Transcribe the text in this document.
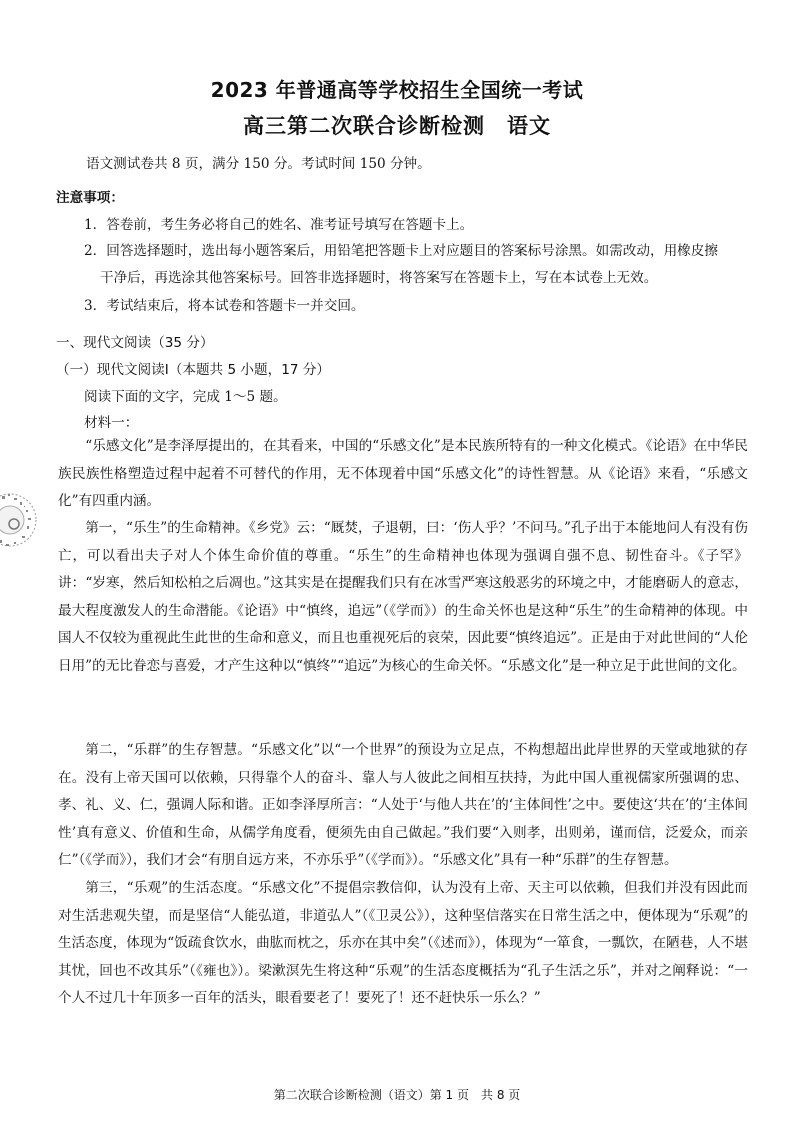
2023 年普通高等学校招生全国统一考试
高三第二次联合诊断检测　语文
语文测试卷共 8 页，满分 150 分。考试时间 150 分钟。
注意事项：
1．答卷前，考生务必将自己的姓名、准考证号填写在答题卡上。
2．回答选择题时，选出每小题答案后，用铅笔把答题卡上对应题目的答案标号涂黑。如需改动，用橡皮擦
干净后，再选涂其他答案标号。回答非选择题时，将答案写在答题卡上，写在本试卷上无效。
3．考试结束后，将本试卷和答题卡一并交回。
一、现代文阅读（35 分）
（一）现代文阅读Ⅰ（本题共 5 小题，17 分）
阅读下面的文字，完成 1～5 题。
材料一：

“乐感文化”是李泽厚提出的，在其看来，中国的“乐感文化”是本民族所特有的一种文化模式。《论语》在中华民族民族性格塑造过程中起着不可替代的作用，无不体现着中国“乐感文化”的诗性智慧。从《论语》来看，“乐感文化”有四重内涵。

第一，“乐生”的生命精神。《乡党》云：“厩焚，子退朝，曰：‘伤人乎？’不问马。”孔子出于本能地问人有没有伤亡，可以看出夫子对人个体生命价值的尊重。“乐生”的生命精神也体现为强调自强不息、韧性奋斗。《子罕》讲：“岁寒，然后知松柏之后凋也。”这其实是在提醒我们只有在冰雪严寒这般恶劣的环境之中，才能磨砺人的意志，最大程度激发人的生命潜能。《论语》中“慎终，追远”（《学而》）的生命关怀也是这种“乐生”的生命精神的体现。中国人不仅较为重视此生此世的生命和意义，而且也重视死后的哀荣，因此要“慎终追远”。正是由于对此世间的“人伦日用”的无比眷恋与喜爱，才产生这种以“慎终”“追远”为核心的生命关怀。“乐感文化”是一种立足于此世间的文化。

第二，“乐群”的生存智慧。“乐感文化”以“一个世界”的预设为立足点，不构想超出此岸世界的天堂或地狱的存在。没有上帝天国可以依赖，只得靠个人的奋斗、靠人与人彼此之间相互扶持，为此中国人重视儒家所强调的忠、孝、礼、义、仁，强调人际和谐。正如李泽厚所言：“人处于‘与他人共在’的‘主体间性’之中。要使这‘共在’的‘主体间性’真有意义、价值和生命，从儒学角度看，便须先由自己做起。”我们要“入则孝，出则弟，谨而信，泛爱众，而亲仁”（《学而》），我们才会“有朋自远方来，不亦乐乎”（《学而》）。“乐感文化”具有一种“乐群”的生存智慧。

第三，“乐观”的生活态度。“乐感文化”不提倡宗教信仰，认为没有上帝、天主可以依赖，但我们并没有因此而对生活悲观失望，而是坚信“人能弘道，非道弘人”（《卫灵公》），这种坚信落实在日常生活之中，便体现为“乐观”的生活态度，体现为“饭疏食饮水，曲肱而枕之，乐亦在其中矣”（《述而》），体现为“一箪食，一瓢饮，在陋巷，人不堪其忧，回也不改其乐”（《雍也》）。梁漱溟先生将这种“乐观”的生活态度概括为“孔子生活之乐”，并对之阐释说：“一个人不过几十年顶多一百年的活头，眼看要老了！要死了！还不赶快乐一乐么？”

第二次联合诊断检测（语文）第 1 页　共 8 页
